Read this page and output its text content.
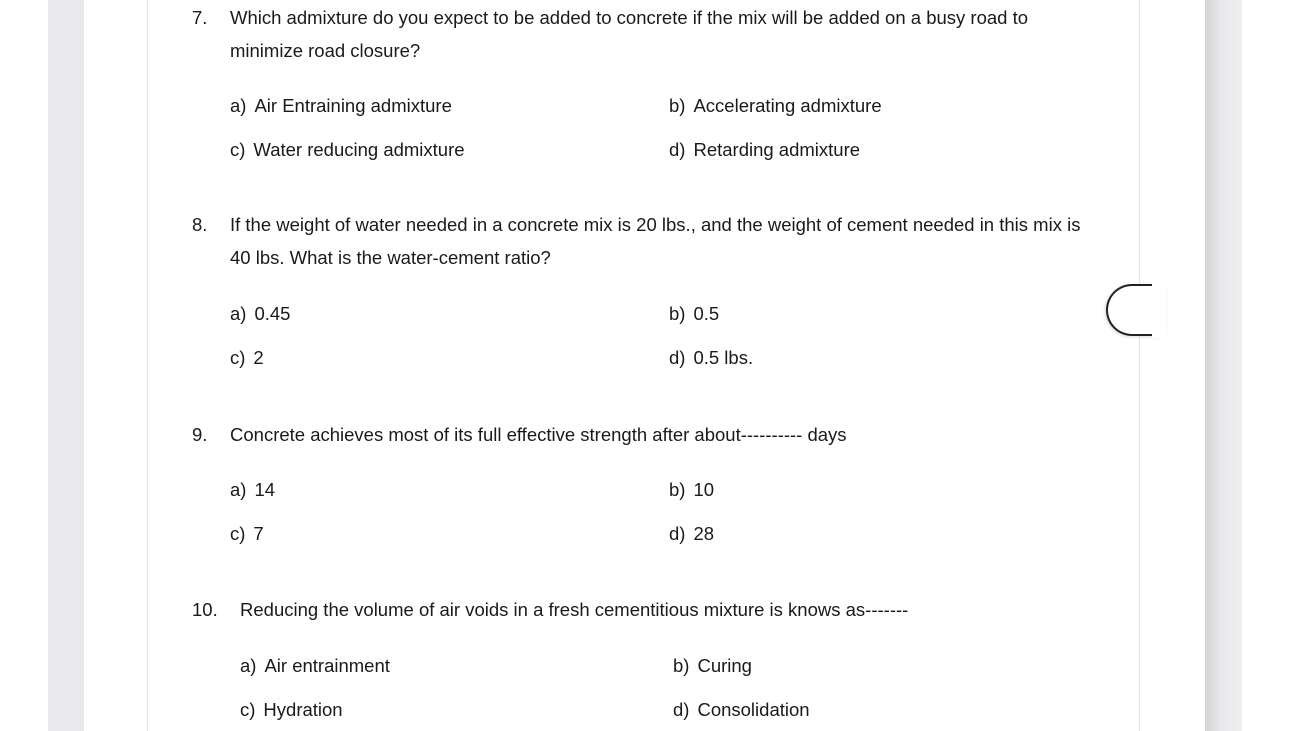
7. Which admixture do you expect to be added to concrete if the mix will be added on a busy road to
minimize road closure?
a) Air Entraining admixture	b) Accelerating admixture
c) Water reducing admixture	d) Retarding admixture
8. If the weight of water needed in a concrete mix is 20 lbs., and the weight of cement needed in this mix is
40 lbs. What is the water-cement ratio?
a) 0.45	b) 0.5
c) 2	d) 0.5 lbs.
9. Concrete achieves most of its full effective strength after about---------- days
a) 14	b) 10
c) 7	d) 28
10. Reducing the volume of air voids in a fresh cementitious mixture is knows as-------
a) Air entrainment	b) Curing
c) Hydration	d) Consolidation
